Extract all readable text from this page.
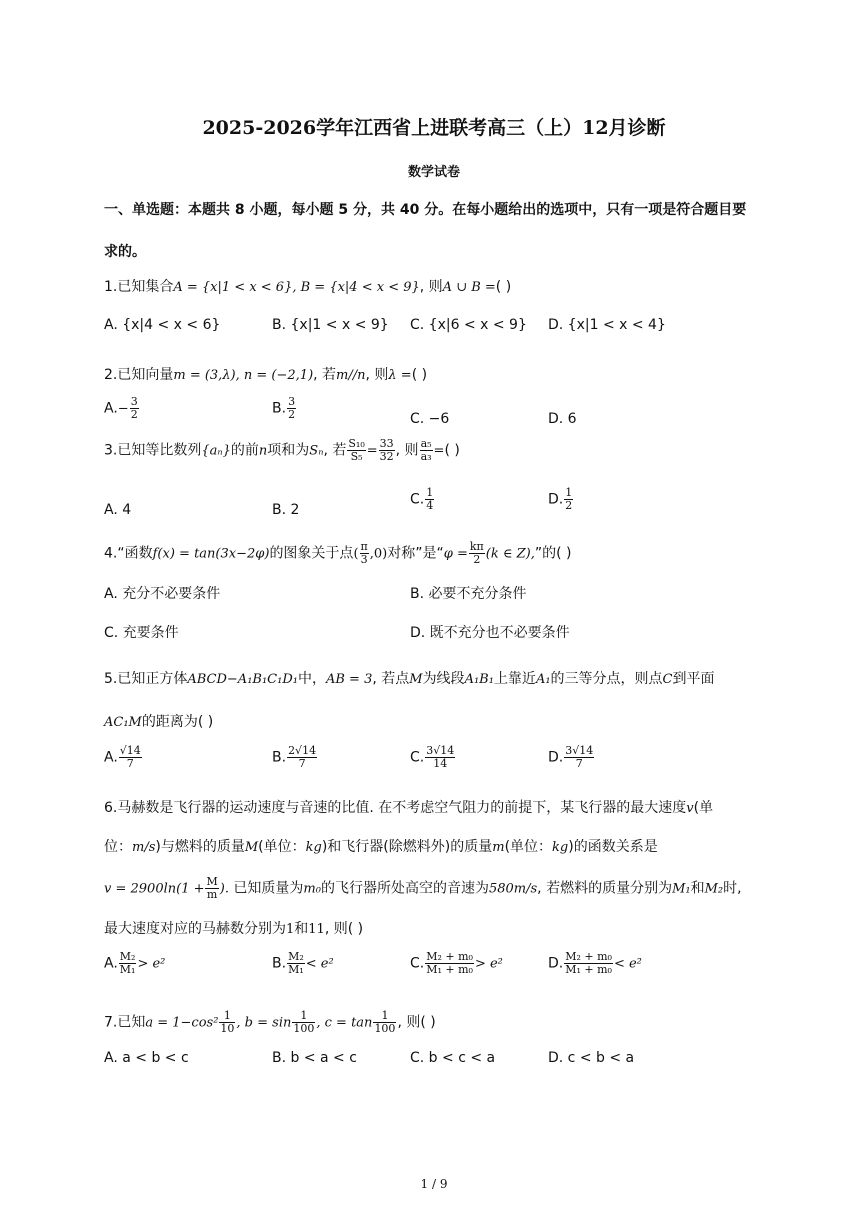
2025-2026学年江西省上进联考高三（上）12月诊断
数学试卷
一、单选题：本题共 8 小题，每小题 5 分，共 40 分。在每小题给出的选项中，只有一项是符合题目要
求的。
1.已知集合A = {x|1 < x < 6}, B = {x|4 < x < 9}, 则A ∪ B =( )
A. {x|4 < x < 6}	B. {x|1 < x < 9} C. {x|6 < x < 9} D. {x|1 < x < 4}
2.已知向量m = (3,λ), n = (−2,1), 若m//n, 则λ =( )
$A.- \frac{3}{2}$	B. $\frac{3}{2}$	C. −6	D. 6
3.已知等比数列{aₙ}的前n项和为Sₙ, 若 $\frac{\text{S₁₀}}{\text{S₅}} = \frac{33}{32}$ , 则 $\frac{\text{a₅}}{\text{a₃}}$ =( )
A. 4	B. 2
C. $\frac{1}{4}$	D. $\frac{1}{2}$
4.“函数f(x) = tan(3x−2φ)的图象关于点( $\frac{\pi}{3} ,0$)对称”是“$\varphi = \frac{k\pi}{2} (k$ ∈ Z),”的( )
A. 充分不必要条件	B. 必要不充分条件
C. 充要条件	D. 既不充分也不必要条件
5.已知正方体ABCD−A₁B₁C₁D₁中，AB = 3, 若点M为线段A₁B₁上靠近A₁的三等分点，则点C到平面
AC₁M的距离为( )
A. $\frac{√14}{7}$	B. $\frac{2√14}{7}$	C. $\frac{3√14}{14}$	D. $\frac{3√14}{7}$
6.马赫数是飞行器的运动速度与音速的比值. 在不考虑空气阻力的前提下，某飞行器的最大速度v(单
位：m/s)与燃料的质量M(单位：kg)和飞行器(除燃料外)的质量m(单位：kg)的函数关系是
$v = 2900\ln(1 + \frac{M}{m}$ ). 已知质量为m₀的飞行器所处高空的音速为580m/s, 若燃料的质量分别为M₁和M₂时,
最大速度对应的马赫数分别为1和11, 则( )
A. $\frac{\text{M₂}}{\text{M₁}} > e^2$	B. $\frac{\text{M₂}}{\text{M₁}} < e^2$	C. $\frac{\text{M₂ + m₀}}{\text{M₁ + m₀}} > e^2$	D. $\frac{\text{M₂ + m₀}}{\text{M₁ + m₀}} < e^2$
7.已知$a = 1-\cos^2 \frac{1}{10}$ , $b = \sin \frac{1}{100}$ , $c = \tan \frac{1}{100}$ , 则( )
A. a < b < c	B. b < a < c	C. b < c < a	D. c < b < a
1 / 9
